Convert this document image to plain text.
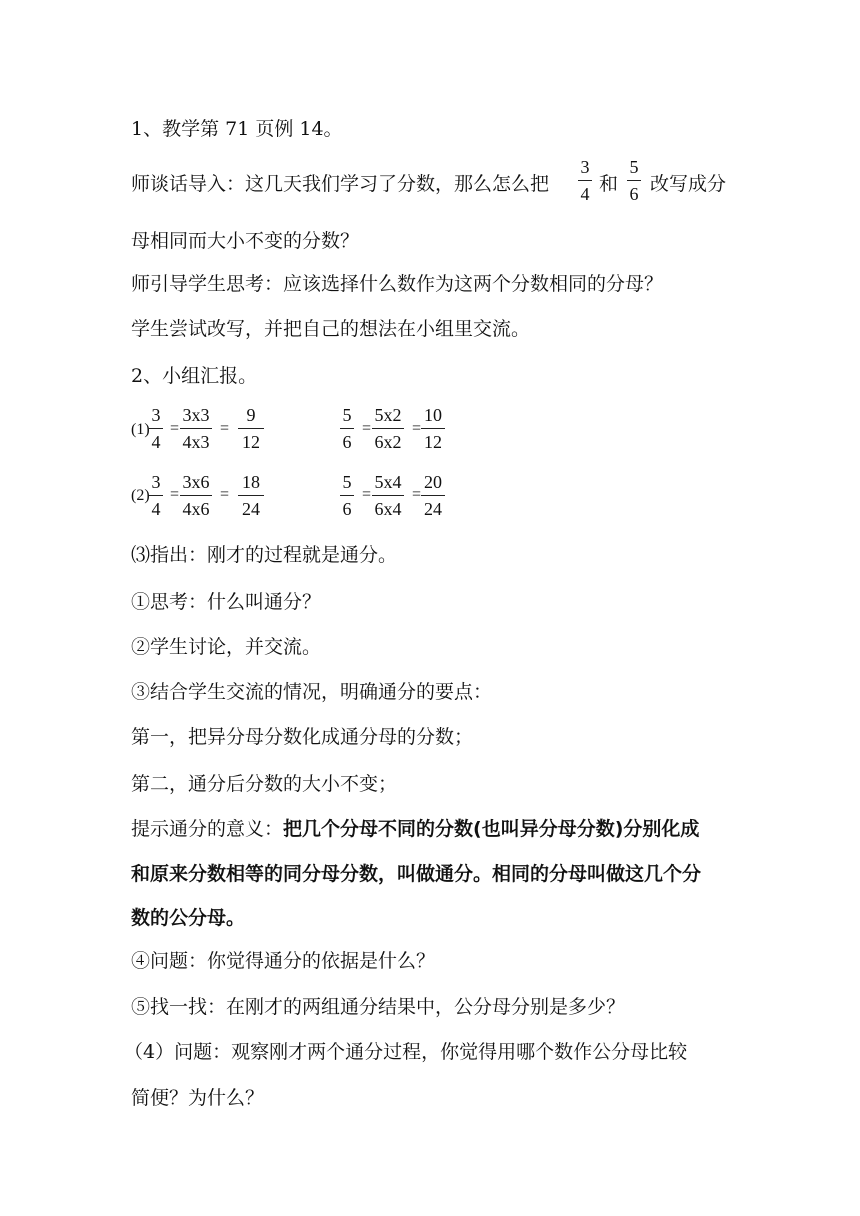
1、教学第 71 页例 14。
师谈话导入：这几天我们学习了分数，那么怎么把
3
4 和
5
6 改写成分
母相同而大小不变的分数？
师引导学生思考：应该选择什么数作为这两个分数相同的分母？
学生尝试改写，并把自己的想法在小组里交流。
2、小组汇报。
(1)
3
4
=
3x3
4x3
=
9
12
5
6
=
5x2
6x2
=
10
12
(2)
3
4
=
3x6
4x6
=
18
24
5
6
=
5x4
6x4
=
20
24
⑶指出：刚才的过程就是通分。
①思考：什么叫通分？
②学生讨论，并交流。
③结合学生交流的情况，明确通分的要点：
第一，把异分母分数化成通分母的分数；
第二，通分后分数的大小不变；
提示通分的意义：把几个分母不同的分数(也叫异分母分数)分别化成
和原来分数相等的同分母分数，叫做通分。相同的分母叫做这几个分
数的公分母。
④问题：你觉得通分的依据是什么？
⑤找一找：在刚才的两组通分结果中，公分母分别是多少？
（4）问题：观察刚才两个通分过程，你觉得用哪个数作公分母比较
简便？为什么？
